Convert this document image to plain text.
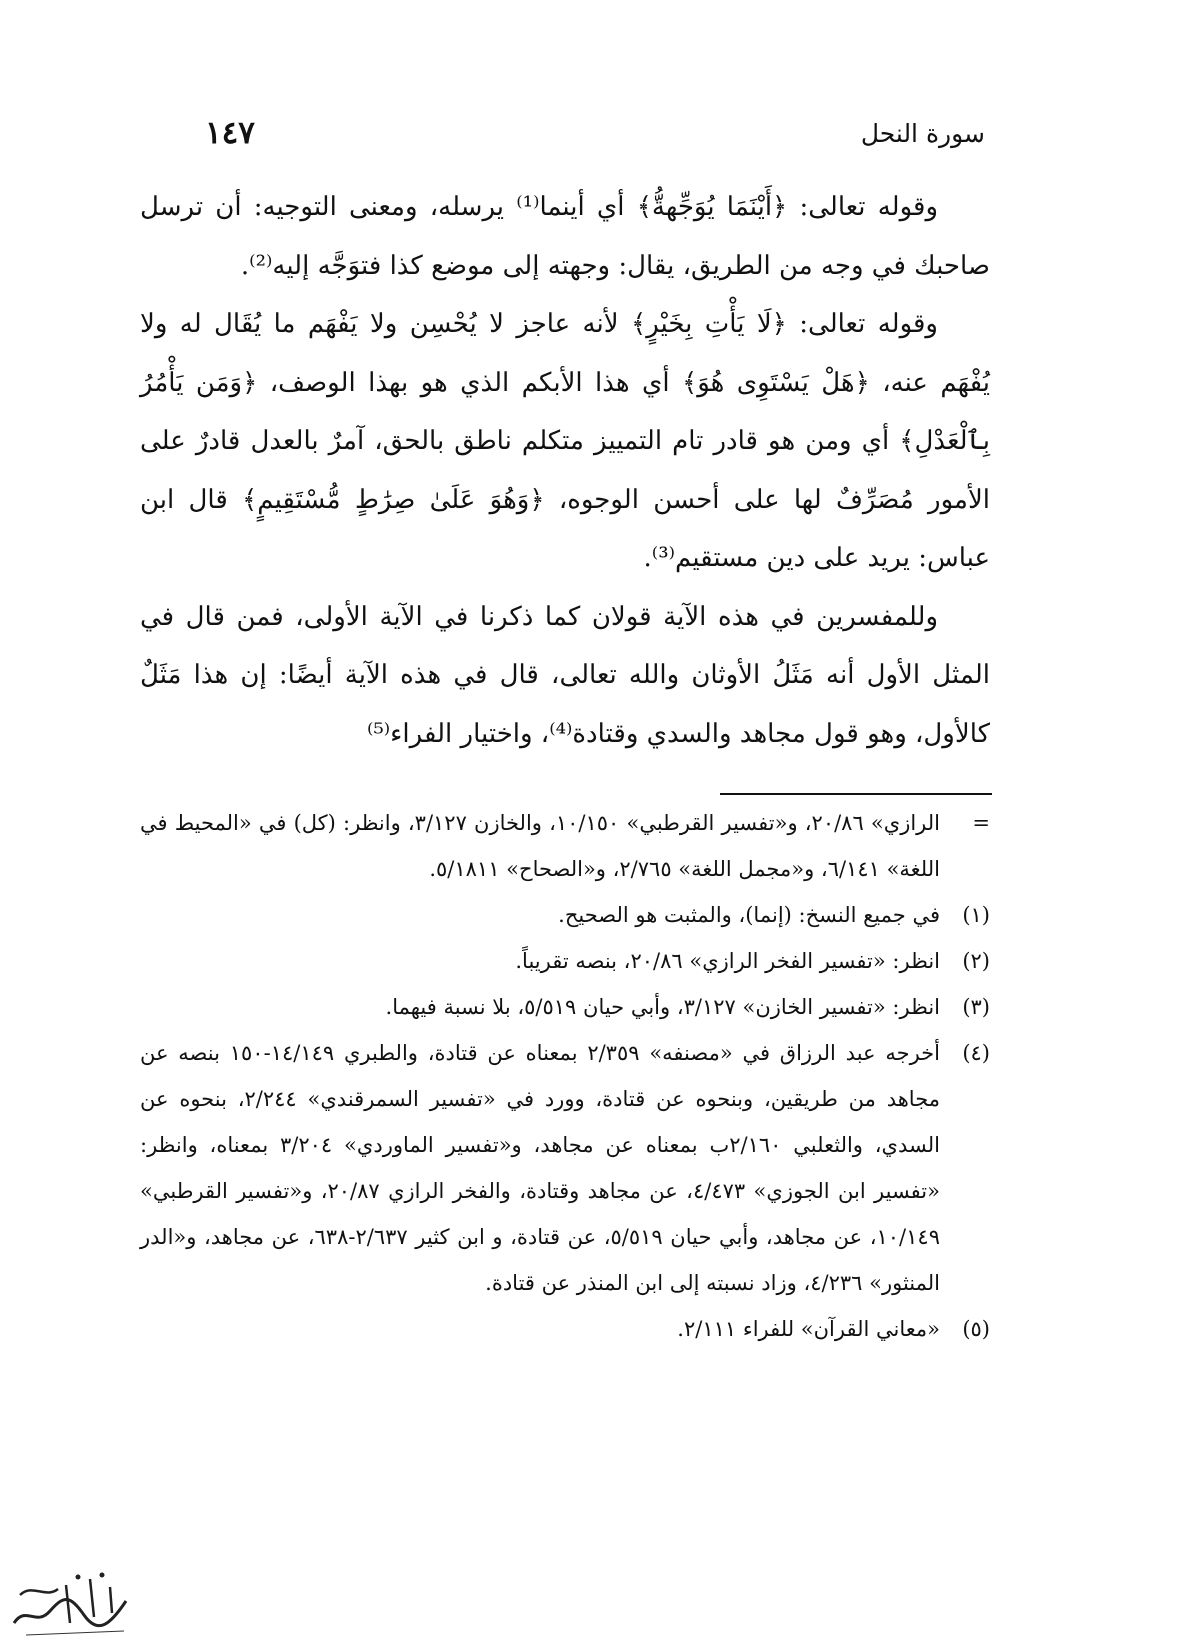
١٤٧	سورة النحل

وقوله تعالى: ﴿أَيْنَمَا يُوَجِّهةُّ﴾ أي أينما⁽¹⁾ يرسله، ومعنى التوجيه: أن ترسل صاحبك في وجه من الطريق، يقال: وجهته إلى موضع كذا فتوَجَّه إليه⁽²⁾.

وقوله تعالى: ﴿لَا يَأْتِ بِخَيْرٍ﴾ لأنه عاجز لا يُحْسِن ولا يَفْهَم ما يُقَال له ولا يُفْهَم عنه، ﴿هَلْ يَسْتَوِى هُوَ﴾ أي هذا الأبكم الذي هو بهذا الوصف، ﴿وَمَن يَأْمُرُ بِٱلْعَدْلِ﴾ أي ومن هو قادر تام التمييز متكلم ناطق بالحق، آمرٌ بالعدل قادرٌ على الأمور مُصَرِّفٌ لها على أحسن الوجوه، ﴿وَهُوَ عَلَىٰ صِرَٰطٍ مُّسْتَقِيمٍ﴾ قال ابن عباس: يريد على دين مستقيم⁽³⁾.

وللمفسرين في هذه الآية قولان كما ذكرنا في الآية الأولى، فمن قال في المثل الأول أنه مَثَلُ الأوثان والله تعالى، قال في هذه الآية أيضًا: إن هذا مَثَلٌ كالأول، وهو قول مجاهد والسدي وقتادة⁽⁴⁾، واختيار الفراء⁽⁵⁾

=
الرازي» ٢٠/٨٦، و«تفسير القرطبي» ١٠/١٥٠، والخازن ٣/١٢٧، وانظر: (كل) في «المحيط في اللغة» ٦/١٤١، و«مجمل اللغة» ٢/٧٦٥، و«الصحاح» ٥/١٨١١.
(١)
في جميع النسخ: (إنما)، والمثبت هو الصحيح.
(٢)
انظر: «تفسير الفخر الرازي» ٢٠/٨٦، بنصه تقريباً.
(٣)
انظر: «تفسير الخازن» ٣/١٢٧، وأبي حيان ٥/٥١٩، بلا نسبة فيهما.
(٤)
أخرجه عبد الرزاق في «مصنفه» ٢/٣٥٩ بمعناه عن قتادة، والطبري ١٤/١٤٩-١٥٠ بنصه عن مجاهد من طريقين، وبنحوه عن قتادة، وورد في «تفسير السمرقندي» ٢/٢٤٤، بنحوه عن السدي، والثعلبي ٢/١٦٠ب بمعناه عن مجاهد، و«تفسير الماوردي» ٣/٢٠٤ بمعناه، وانظر: «تفسير ابن الجوزي» ٤/٤٧٣، عن مجاهد وقتادة، والفخر الرازي ٢٠/٨٧، و«تفسير القرطبي» ١٠/١٤٩، عن مجاهد، وأبي حيان ٥/٥١٩، عن قتادة، و ابن كثير ٢/٦٣٧-٦٣٨، عن مجاهد، و«الدر المنثور» ٤/٢٣٦، وزاد نسبته إلى ابن المنذر عن قتادة.
(٥)
«معاني القرآن» للفراء ٢/١١١.
